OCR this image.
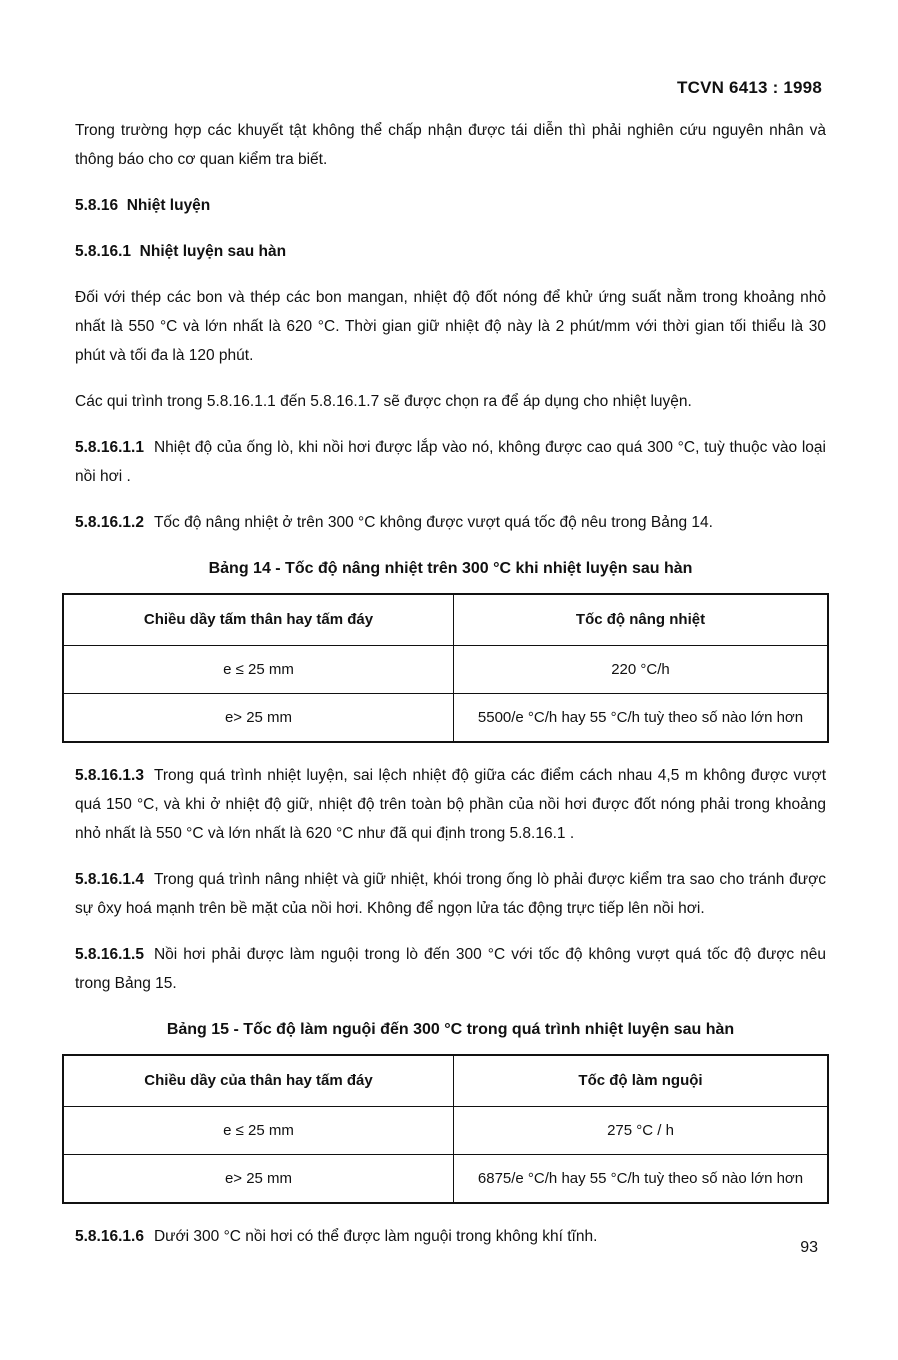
TCVN 6413 : 1998

Trong trường hợp các khuyết tật không thể chấp nhận được tái diễn thì phải nghiên cứu nguyên nhân và thông báo cho cơ quan kiểm tra biết.

5.8.16 Nhiệt luyện
5.8.16.1 Nhiệt luyện sau hàn

Đối với thép các bon và thép các bon mangan, nhiệt độ đốt nóng để khử ứng suất nằm trong khoảng nhỏ nhất là 550 °C và lớn nhất là 620 °C. Thời gian giữ nhiệt độ này là 2 phút/mm với thời gian tối thiểu là 30 phút và tối đa là 120 phút.

Các qui trình trong 5.8.16.1.1 đến 5.8.16.1.7 sẽ được chọn ra để áp dụng cho nhiệt luyện.

5.8.16.1.1 Nhiệt độ của ống lò, khi nồi hơi được lắp vào nó, không được cao quá 300 °C, tuỳ thuộc vào loại nồi hơi .

5.8.16.1.2 Tốc độ nâng nhiệt ở trên 300 °C không được vượt quá tốc độ nêu trong Bảng 14.

Bảng 14 - Tốc độ nâng nhiệt trên 300 °C khi nhiệt luyện sau hàn
Chiều dầy tấm thân hay tấm đáy	Tốc độ nâng nhiệt
e ≤ 25 mm	220 °C/h
e> 25 mm	5500/e °C/h hay 55 °C/h tuỳ theo số nào lớn hơn

5.8.16.1.3 Trong quá trình nhiệt luyện, sai lệch nhiệt độ giữa các điểm cách nhau 4,5 m không được vượt quá 150 °C, và khi ở nhiệt độ giữ, nhiệt độ trên toàn bộ phần của nồi hơi được đốt nóng phải trong khoảng nhỏ nhất là 550 °C và lớn nhất là 620 °C như đã qui định trong 5.8.16.1 .

5.8.16.1.4 Trong quá trình nâng nhiệt và giữ nhiệt, khói trong ống lò phải được kiểm tra sao cho tránh được sự ôxy hoá mạnh trên bề mặt của nồi hơi. Không để ngọn lửa tác động trực tiếp lên nồi hơi.

5.8.16.1.5 Nồi hơi phải được làm nguội trong lò đến 300 °C với tốc độ không vượt quá tốc độ được nêu trong Bảng 15.

Bảng 15 - Tốc độ làm nguội đến 300 °C trong quá trình nhiệt luyện sau hàn
Chiều dầy của thân hay tấm đáy	Tốc độ làm nguội
e ≤ 25 mm	275 °C / h
e> 25 mm	6875/e °C/h hay 55 °C/h tuỳ theo số nào lớn hơn

5.8.16.1.6 Dưới 300 °C nồi hơi có thể được làm nguội trong không khí tĩnh.

93
